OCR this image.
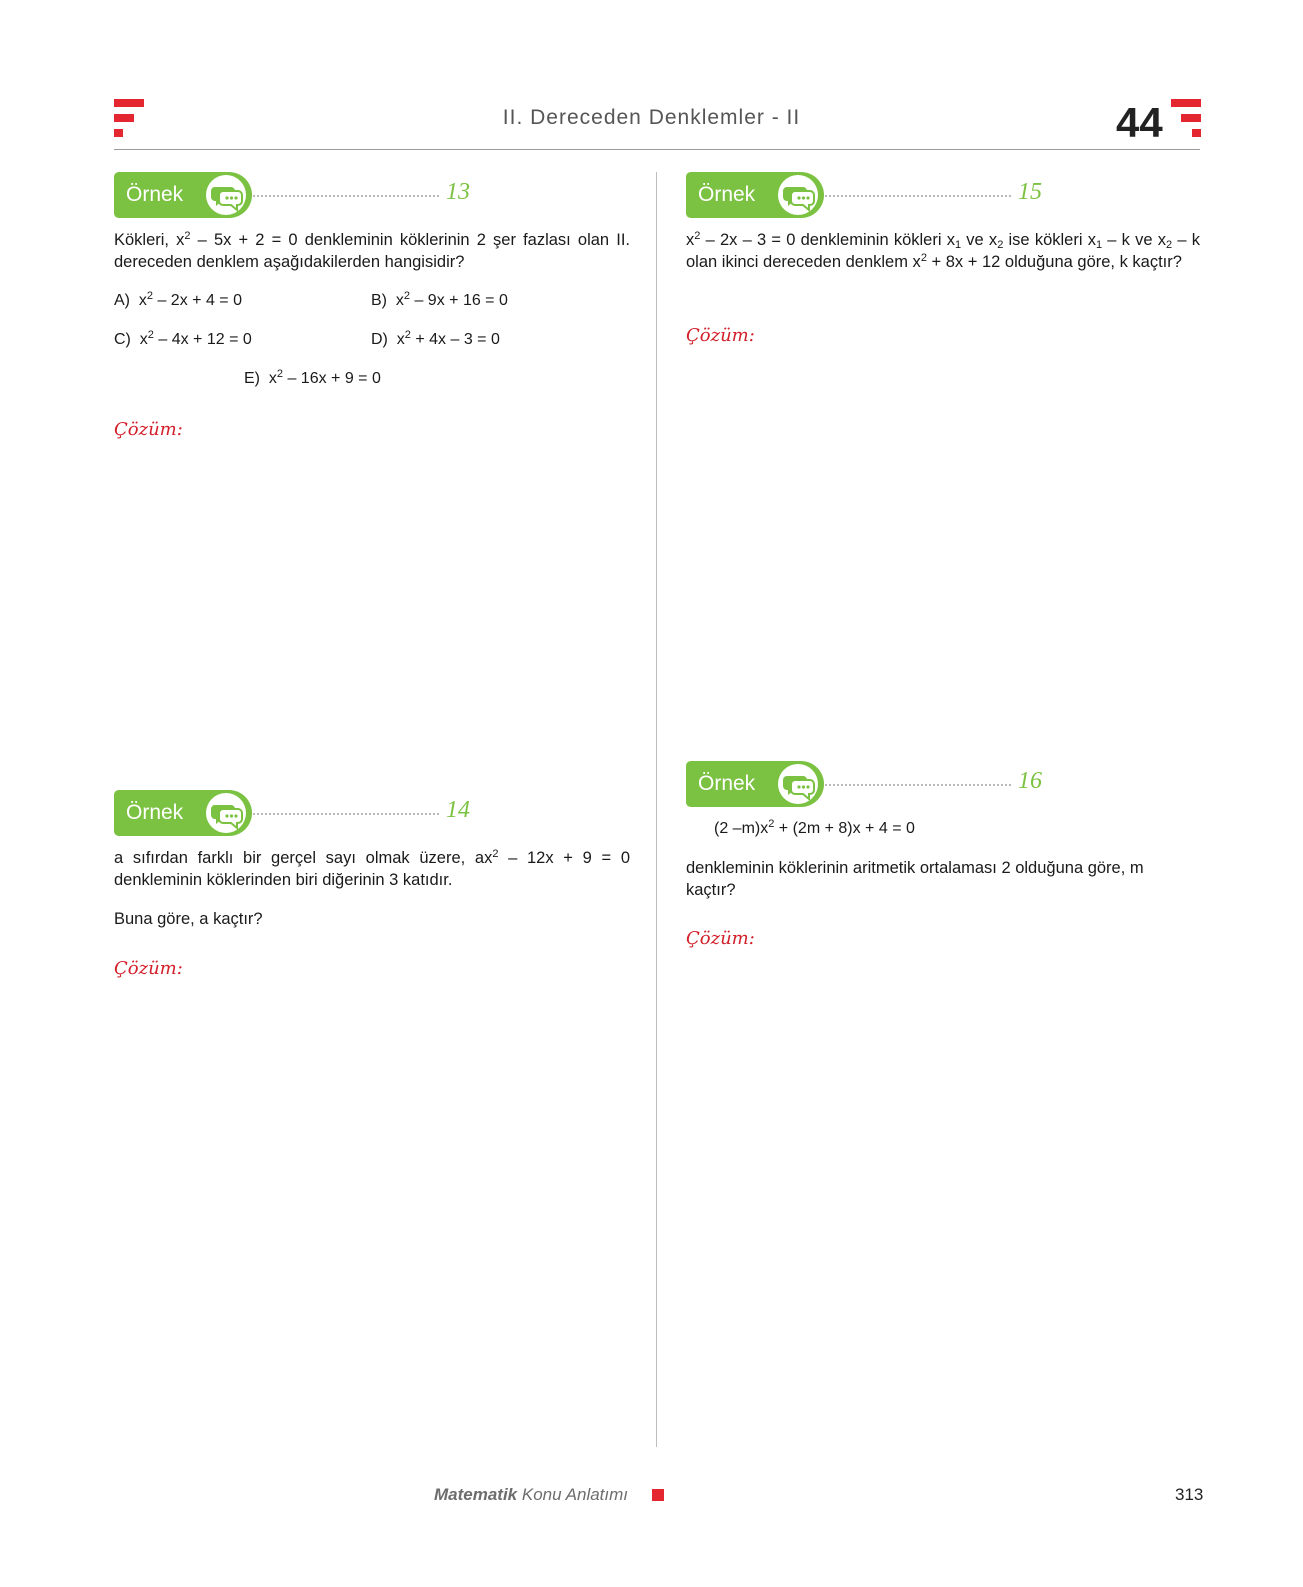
II. Dereceden Denklemler - II	44
Örnek	13
Kökleri, $x^2 - 5x + 2 = 0$ denkleminin köklerinin 2 şer fazlası olan II. dereceden denklem aşağıdakilerden hangisidir?
A) $x^2 - 2x + 4 = 0$	B) $x^2 - 9x + 16 = 0$
C) $x^2 - 4x + 12 = 0$	D) $x^2 + 4x - 3 = 0$
E) $x^2 - 16x + 9 = 0$
Çözüm:
Örnek	14
a sıfırdan farklı bir gerçel sayı olmak üzere, $ax^2 - 12x + 9 = 0$ denkleminin köklerinden biri diğerinin 3 katıdır.
Buna göre, a kaçtır?
Çözüm:
Örnek	15
$x^2 - 2x - 3 = 0$ denkleminin kökleri $x_1$ ve $x_2$ ise kökleri $x_1$ – k ve $x_2$ – k olan ikinci dereceden denklem $x^2 + 8x + 12$ olduğuna göre, k kaçtır?
Çözüm:
Örnek	16
(2 $-m)x^2 + (2m + 8)x + 4 = 0$
denkleminin köklerinin aritmetik ortalaması 2 olduğuna göre, m kaçtır?
Çözüm:
Matematik Konu Anlatımı	313
